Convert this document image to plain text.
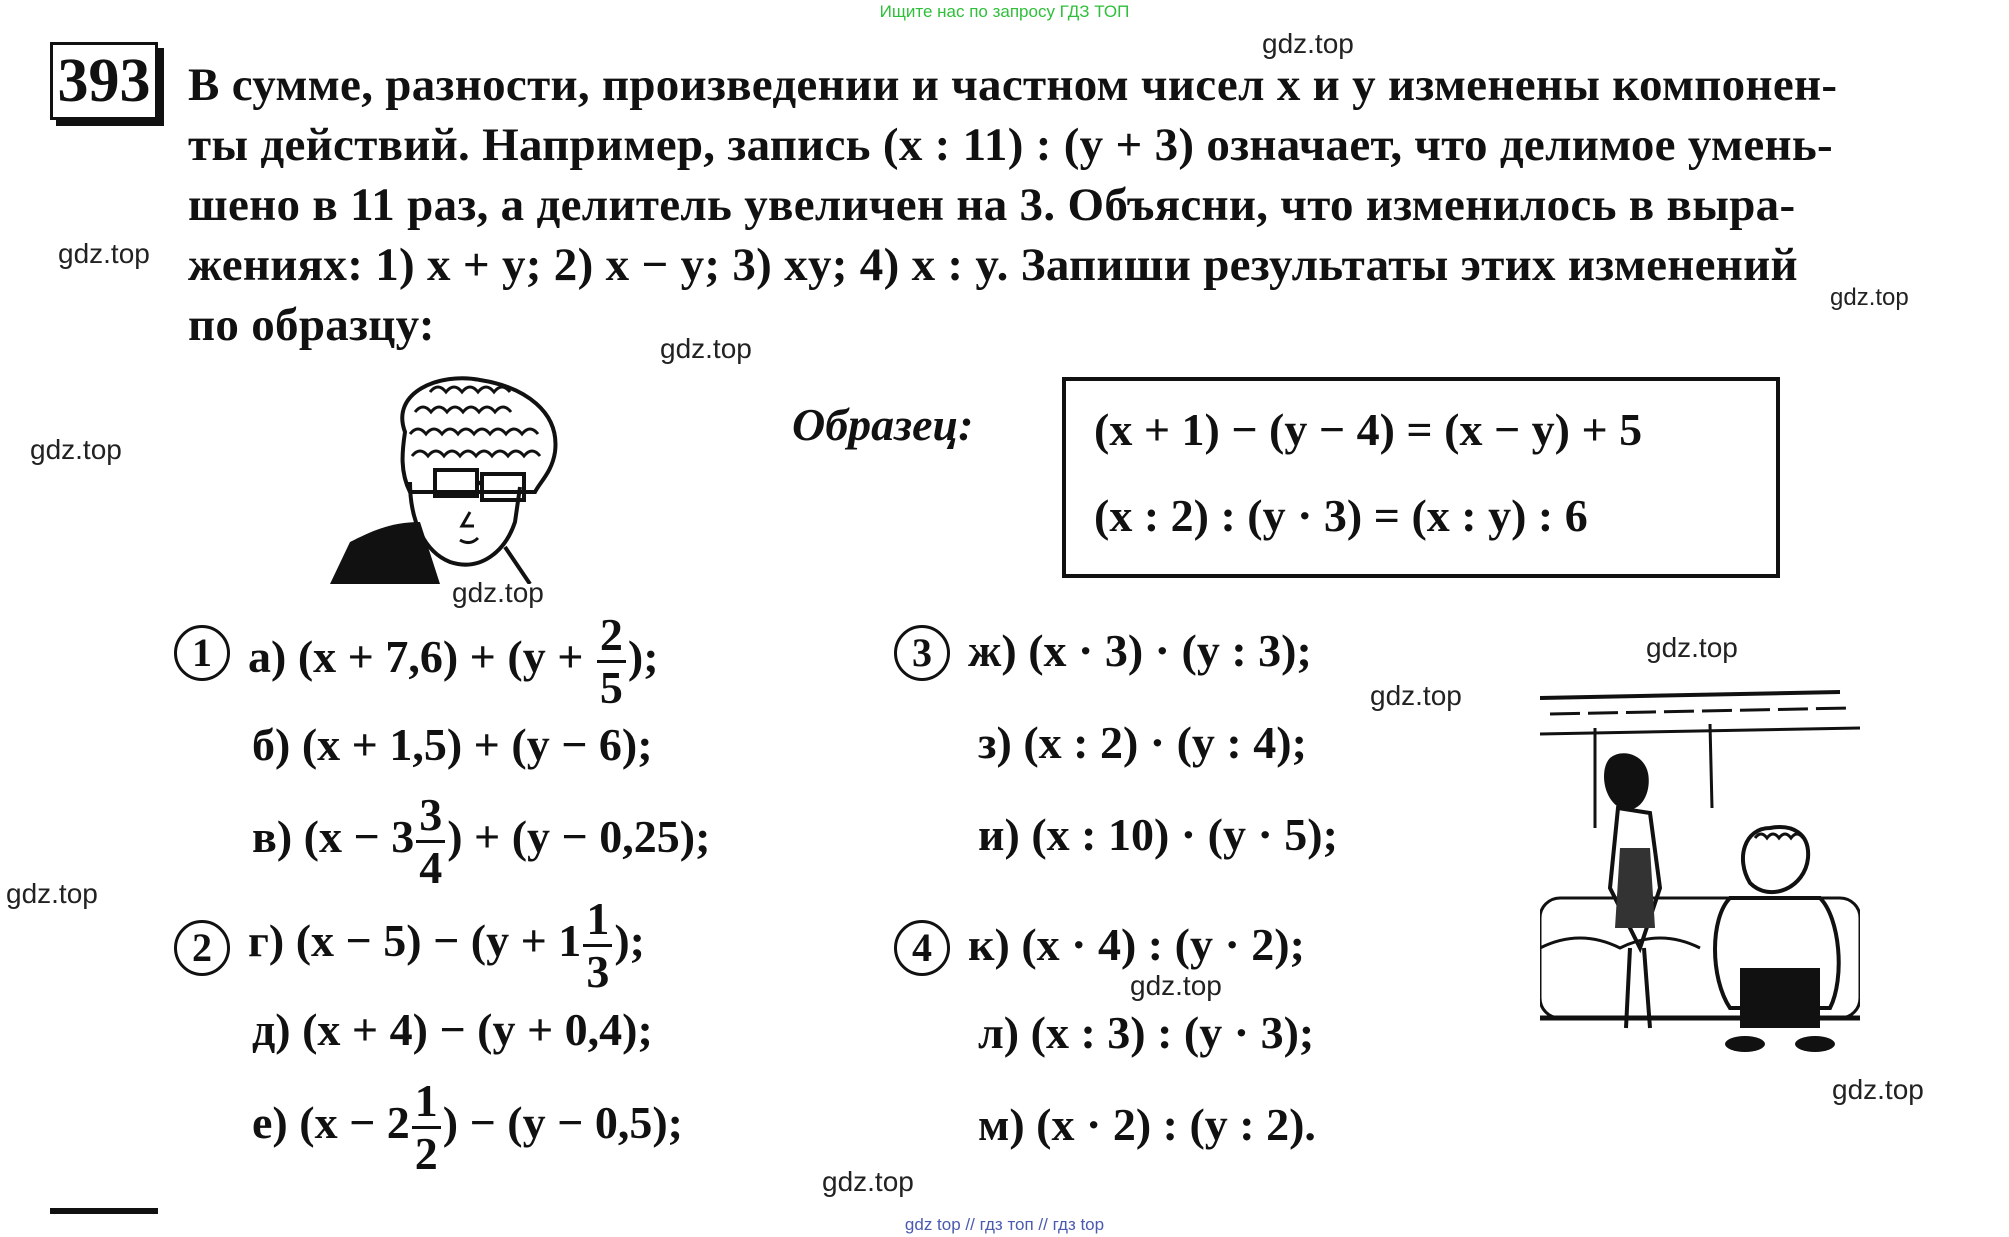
Ищите нас по запросу ГДЗ ТОП
gdz.top
gdz.top
gdz.top
gdz.top
gdz.top
gdz.top
gdz.top
gdz.top
gdz.top
gdz.top
gdz.top
gdz.top
393 В сумме, разности, произведении и частном чисел x и y изменены компонен-
ты действий. Например, запись (x : 11) : (y + 3) означает, что делимое умень-
шено в 11 раз, а делитель увеличен на 3. Объясни, что изменилось в выра-
жениях: 1) x + y; 2) x − y; 3) xy; 4) x : y. Запиши результаты этих изменений
по образцу:
Образец:	(x + 1) − (y − 4) = (x − y) + 5
(x : 2) : (y · 3) = (x : y) : 6
1
2
3
4
а) $(x + 7,6) + (y + \frac{2}{5}$ );
б) (x + 1,5) + (y − 6);
в) ($x - 3 \frac{3}{4}$ ) + (y − 0,25);
г) $(x - 5) - (y + 1 \frac{1}{3}$ );
д) (x + 4) − (y + 0,4);
е) ($x - 2 \frac{1}{2}$ ) − (y − 0,5);
ж) (x · 3) · (y : 3);
з) (x : 2) · (y : 4);
и) (x : 10) · (y · 5);
к) (x · 4) : (y · 2);
л) (x : 3) : (y · 3);
м) (x · 2) : (y : 2).
gdz top // гдз топ // гдз top
